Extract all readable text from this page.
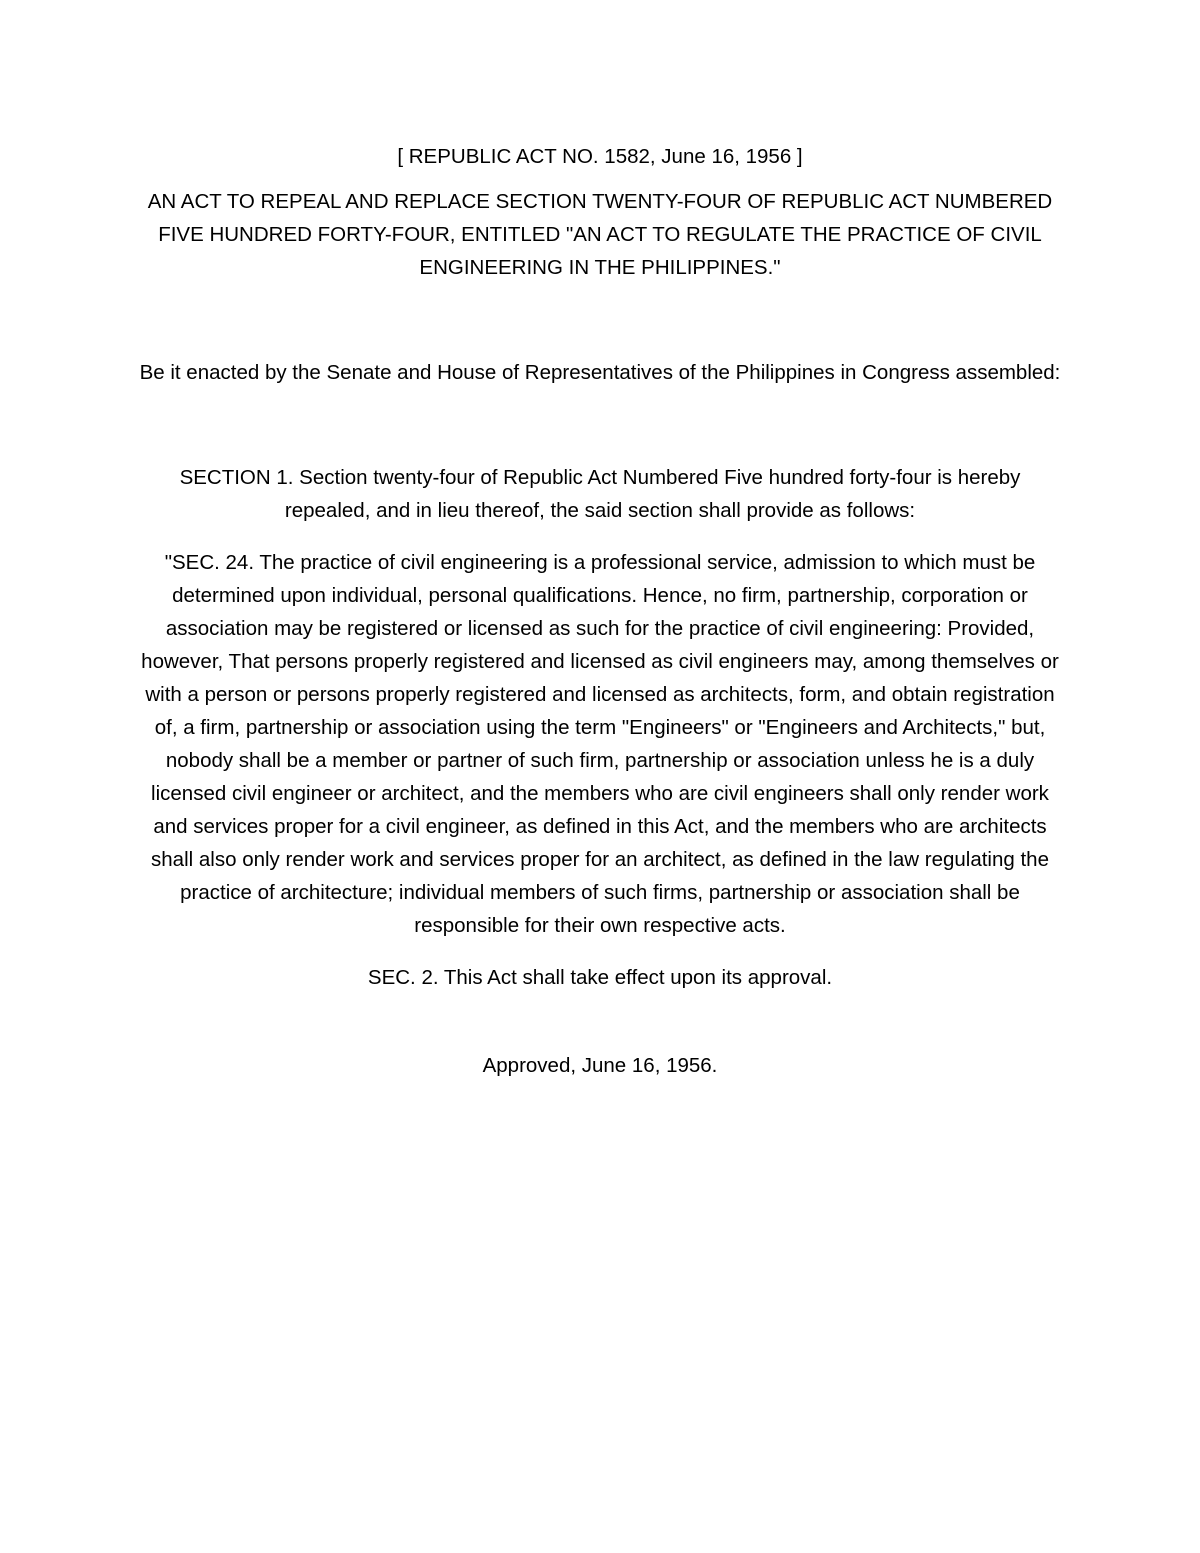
[ REPUBLIC ACT NO. 1582, June 16, 1956 ]

AN ACT TO REPEAL AND REPLACE SECTION TWENTY-FOUR OF REPUBLIC ACT NUMBERED FIVE HUNDRED FORTY-FOUR, ENTITLED "AN ACT TO REGULATE THE PRACTICE OF CIVIL ENGINEERING IN THE PHILIPPINES."

Be it enacted by the Senate and House of Representatives of the Philippines in Congress assembled:

SECTION 1. Section twenty-four of Republic Act Numbered Five hundred forty-four is hereby repealed, and in lieu thereof, the said section shall provide as follows:

"SEC. 24. The practice of civil engineering is a professional service, admission to which must be determined upon individual, personal qualifications. Hence, no firm, partnership, corporation or association may be registered or licensed as such for the practice of civil engineering: Provided, however, That persons properly registered and licensed as civil engineers may, among themselves or with a person or persons properly registered and licensed as architects, form, and obtain registration of, a firm, partnership or association using the term "Engineers" or "Engineers and Architects," but, nobody shall be a member or partner of such firm, partnership or association unless he is a duly licensed civil engineer or architect, and the members who are civil engineers shall only render work and services proper for a civil engineer, as defined in this Act, and the members who are architects shall also only render work and services proper for an architect, as defined in the law regulating the practice of architecture; individual members of such firms, partnership or association shall be responsible for their own respective acts.

SEC. 2. This Act shall take effect upon its approval.

Approved, June 16, 1956.
